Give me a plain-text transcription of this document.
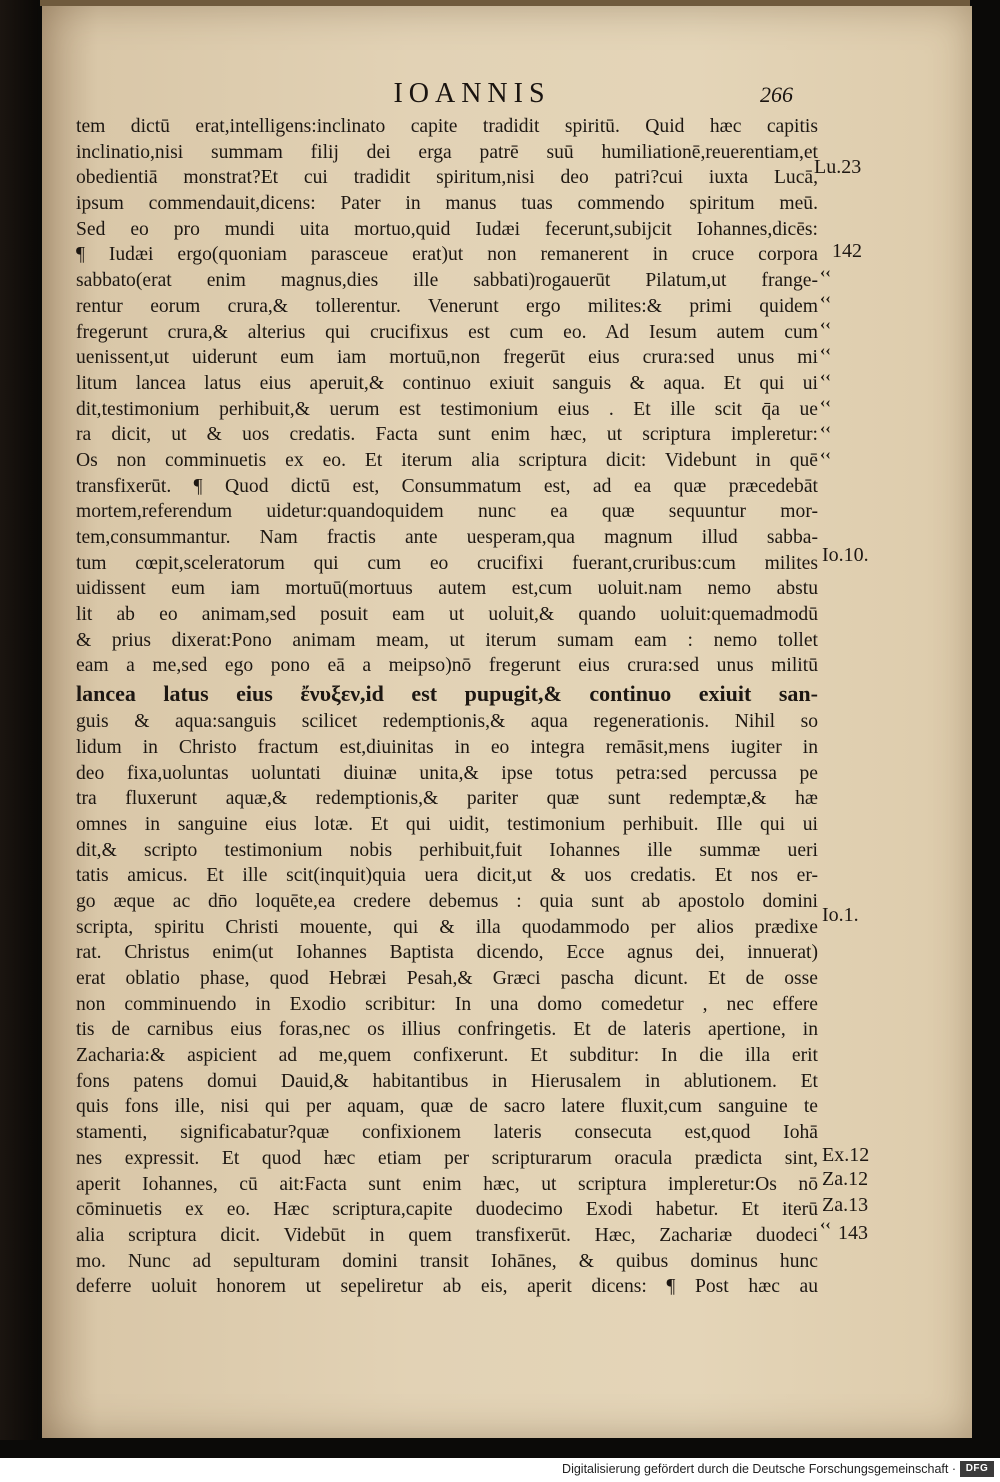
IOANNIS	266
tem dictū erat,intelligens:inclinato capite tradidit spiritū. Quid hæc capitis
inclinatio,nisi summam filij dei erga patrē suū humiliationē,reuerentiam,et
obedientiā monstrat?Et cui tradidit spiritum,nisi deo patri?cui iuxta Lucā,
ipsum commendauit,dicens: Pater in manus tuas commendo spiritum meū.
Sed eo pro mundi uita mortuo,quid Iudæi fecerunt,subijcit Iohannes,dicēs:
¶ Iudæi ergo(quoniam parasceue erat)ut non remanerent in cruce corpora
sabbato(erat enim magnus,dies ille sabbati)rogauerūt Pilatum,ut frange-
rentur eorum crura,& tollerentur. Venerunt ergo milites:& primi quidem
fregerunt crura,& alterius qui crucifixus est cum eo. Ad Iesum autem cum
uenissent,ut uiderunt eum iam mortuū,non fregerūt eius crura:sed unus mi
litum lancea latus eius aperuit,& continuo exiuit sanguis & aqua. Et qui ui
dit,testimonium perhibuit,& uerum est testimonium eius . Et ille scit q̄a ue
ra dicit, ut & uos credatis. Facta sunt enim hæc, ut scriptura impleretur:
Os non comminuetis ex eo. Et iterum alia scriptura dicit: Videbunt in quē
transfixerūt. ¶ Quod dictū est, Consummatum est, ad ea quæ præcedebāt
mortem,referendum uidetur:quandoquidem nunc ea quæ sequuntur mor-
tem,consummantur. Nam fractis ante uesperam,qua magnum illud sabba-
tum cœpit,sceleratorum qui cum eo crucifixi fuerant,cruribus:cum milites
uidissent eum iam mortuū(mortuus autem est,cum uoluit.nam nemo abstu
lit ab eo animam,sed posuit eam ut uoluit,& quando uoluit:quemadmodū
& prius dixerat:Pono animam meam, ut iterum sumam eam : nemo tollet
eam a me,sed ego pono eā a meipso)nō fregerunt eius crura:sed unus militū
lancea latus eius ἔνυξεν,id est pupugit,& continuo exiuit san-
guis & aqua:sanguis scilicet redemptionis,& aqua regenerationis. Nihil so
lidum in Christo fractum est,diuinitas in eo integra remāsit,mens iugiter in
deo fixa,uoluntas uoluntati diuinæ unita,& ipse totus petra:sed percussa pe
tra fluxerunt aquæ,& redemptionis,& pariter quæ sunt redemptæ,& hæ
omnes in sanguine eius lotæ. Et qui uidit, testimonium perhibuit. Ille qui ui
dit,& scripto testimonium nobis perhibuit,fuit Iohannes ille summæ ueri
tatis amicus. Et ille scit(inquit)quia uera dicit,ut & uos credatis. Et nos er-
go æque ac dn̄o loquēte,ea credere debemus : quia sunt ab apostolo domini
scripta, spiritu Christi mouente, qui & illa quodammodo per alios prædixe
rat. Christus enim(ut Iohannes Baptista dicendo, Ecce agnus dei, innuerat)
erat oblatio phase, quod Hebræi Pesah,& Græci pascha dicunt. Et de osse
non comminuendo in Exodio scribitur: In una domo comedetur , nec efferе
tis de carnibus eius foras,nec os illius confringetis. Et de lateris apertione, in
Zacharia:& aspicient ad me,quem confixerunt. Et subditur: In die illa erit
fons patens domui Dauid,& habitantibus in Hierusalem in ablutionem. Et
quis fons ille, nisi qui per aquam, quæ de sacro latere fluxit,cum sanguine te
stamenti, significabatur?quæ confixionem lateris consecuta est,quod Iohā
nes expressit. Et quod hæc etiam per scripturarum oracula prædicta sint,
aperit Iohannes, cū ait:Facta sunt enim hæc, ut scriptura impleretur:Os nō
cōminuetis ex eo. Hæc scriptura,capite duodecimo Exodi habetur. Et iterū
alia scriptura dicit. Videbūt in quem transfixerūt. Hæc, Zachariæ duodeci
mo. Nunc ad sepulturam domini transit Iohānes, & quibus dominus hunc
deferre uoluit honorem ut sepeliretur ab eis, aperit dicens: ¶ Post hæc au
Lu.23
142
Io.10.
Io.1.
Ex.12
Za.12
Za.13
143
‹‹
‹‹
‹‹
‹‹
‹‹
‹‹
‹‹
‹‹
‹‹
Digitalisierung gefördert durch die Deutsche Forschungsgemeinschaft · DFG
